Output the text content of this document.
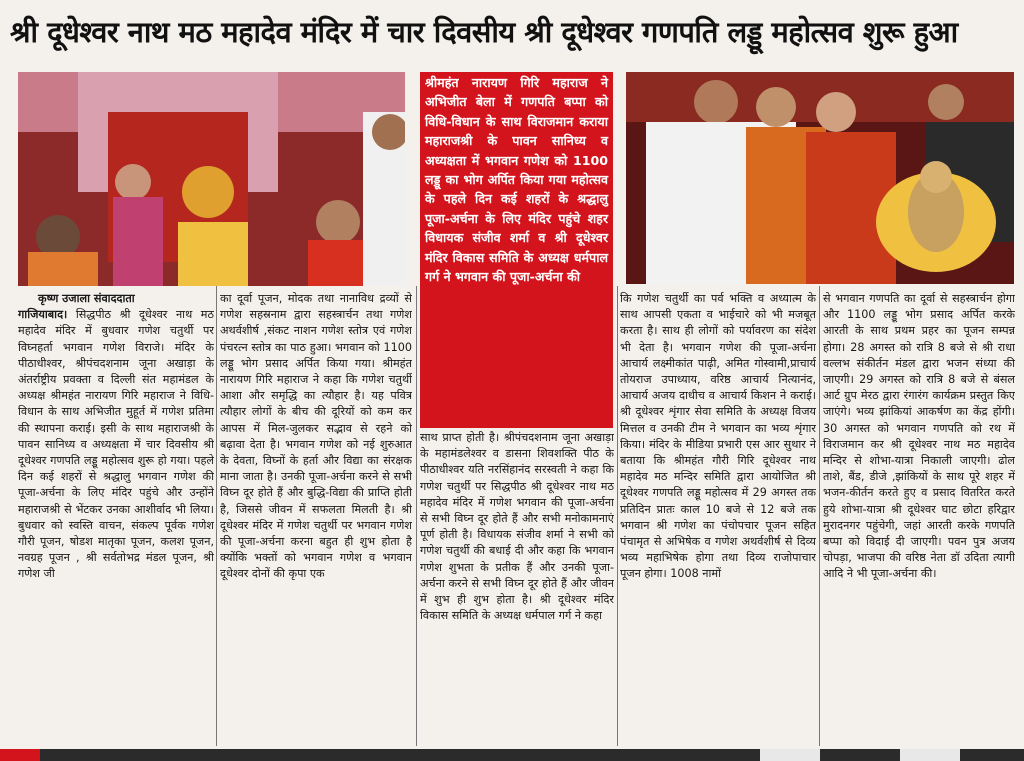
श्री दूधेश्वर नाथ मठ महादेव मंदिर में चार दिवसीय श्री दूधेश्वर गणपति लड्डू महोत्सव शुरू हुआ
श्रीमहंत नारायण गिरि महाराज ने अभिजीत बेला में गणपति बप्पा को विधि-विधान के साथ विराजमान कराया महाराजश्री के पावन सानिध्य व अध्यक्षता में भगवान गणेश को 1100 लड्डू का भोग अर्पित किया गया महोत्सव के पहले दिन कई शहरों के श्रद्धालु पूजा-अर्चना के लिए मंदिर पहुंचे शहर विधायक संजीव शर्मा व श्री दूधेश्वर मंदिर विकास समिति के अध्यक्ष धर्मपाल गर्ग ने भगवान की पूजा-अर्चना की
कृष्ण उजाला संवाददाता
गाजियाबाद। सिद्धपीठ श्री दूधेश्वर नाथ मठ महादेव मंदिर में बुधवार गणेश चतुर्थी पर विघ्नहर्ता भगवान गणेश विराजे। मंदिर के पीठाधीश्वर, श्रीपंचदशनाम जूना अखाड़ा के अंतर्राष्ट्रीय प्रवक्ता व दिल्ली संत महामंडल के अध्यक्ष श्रीमहंत नारायण गिरि महाराज ने विधि-विधान के साथ अभिजीत मुहूर्त में गणेश प्रतिमा की स्थापना कराई। इसी के साथ महाराजश्री के पावन सानिध्य व अध्यक्षता में चार दिवसीय श्री दूधेश्वर गणपति लड्डू महोत्सव शुरू हो गया। पहले दिन कई शहरों से श्रद्धालु भगवान गणेश की पूजा-अर्चना के लिए मंदिर पहुंचे और उन्होंने महाराजश्री से भेंटकर उनका आशीर्वाद भी लिया। बुधवार को स्वस्ति वाचन, संकल्प पूर्वक गणेश गौरी पूजन, षोडश मातृका पूजन, कलश पूजन, नवग्रह पूजन , श्री सर्वतोभद्र मंडल पूजन, श्री गणेश जी
का दूर्वा पूजन, मोदक तथा नानाविध द्रव्यों से गणेश सहस्रनाम द्वारा सहस्त्रार्चन तथा गणेश अथर्वशीर्ष ,संकट नाशन गणेश स्तोत्र एवं गणेश पंचरत्न स्तोत्र का पाठ हुआ। भगवान को 1100 लड्डू भोग प्रसाद अर्पित किया गया। श्रीमहंत नारायण गिरि महाराज ने कहा कि गणेश चतुर्थी आशा और समृद्धि का त्यौहार है। यह पवित्र त्यौहार लोगों के बीच की दूरियों को कम कर आपस में मिल-जुलकर सद्भाव से रहने को बढ़ावा देता है। भगवान गणेश को नई शुरुआत के देवता, विघ्नों के हर्ता और विद्या का संरक्षक माना जाता है। उनकी पूजा-अर्चना करने से सभी विघ्न दूर होते हैं और बुद्धि-विद्या की प्राप्ति होती है, जिससे जीवन में सफलता मिलती है। श्री दूधेश्वर मंदिर में गणेश चतुर्थी पर भगवान गणेश की पूजा-अर्चना करना बहुत ही शुभ होता है क्योंकि भक्तों को भगवान गणेश व भगवान दूधेश्वर दोनों की कृपा एक
साथ प्राप्त होती है। श्रीपंचदशनाम जूना अखाड़ा के महामंडलेश्वर व डासना शिवशक्ति पीठ के पीठाधीश्वर यति नरसिंहानंद सरस्वती ने कहा कि गणेश चतुर्थी पर सिद्धपीठ श्री दूधेश्वर नाथ मठ महादेव मंदिर में गणेश भगवान की पूजा-अर्चना से सभी विघ्न दूर होते हैं और सभी मनोकामनाएं पूर्ण होती है। विधायक संजीव शर्मा ने सभी को गणेश चतुर्थी की बधाई दी और कहा कि भगवान गणेश शुभता के प्रतीक हैं और उनकी पूजा-अर्चना करने से सभी विघ्न दूर होते हैं और जीवन में शुभ ही शुभ होता है। श्री दूधेश्वर मंदिर विकास समिति के अध्यक्ष धर्मपाल गर्ग ने कहा
कि गणेश चतुर्थी का पर्व भक्ति व अध्यात्म के साथ आपसी एकता व भाईचारे को भी मजबूत करता है। साथ ही लोगों को पर्यावरण का संदेश भी देता है। भगवान गणेश की पूजा-अर्चना आचार्य लक्ष्मीकांत पाढ़ी, अमित गोस्वामी,प्राचार्य तोयराज उपाध्याय, वरिष्ठ आचार्य नित्यानंद, आचार्य अजय दाधीच व आचार्य किशन ने कराई। श्री दूधेश्वर शृंगार सेवा समिति के अध्यक्ष विजय मित्तल व उनकी टीम ने भगवान का भव्य शृंगार किया। मंदिर के मीडिया प्रभारी एस आर सुथार ने बताया कि श्रीमहंत गौरी गिरि दूधेश्वर नाथ महादेव मठ मन्दिर समिति द्वारा आयोजित श्री दूधेश्वर गणपति लड्डू महोत्सव में 29 अगस्त तक प्रतिदिन प्रातः काल 10 बजे से 12 बजे तक भगवान श्री गणेश का पंचोपचार पूजन सहित पंचामृत से अभिषेक व गणेश अथर्वशीर्ष से दिव्य भव्य महाभिषेक होगा तथा दिव्य राजोपाचार पूजन होगा। 1008 नामों
से भगवान गणपति का दूर्वा से सहस्त्रार्चन होगा और 1100 लड्डू भोग प्रसाद अर्पित करके आरती के साथ प्रथम प्रहर का पूजन सम्पन्न होगा। 28 अगस्त को रात्रि 8 बजे से श्री राधा वल्लभ संकीर्तन मंडल द्वारा भजन संध्या की जाएगी। 29 अगस्त को रात्रि 8 बजे से बंसल आर्ट ग्रुप मेरठ द्वारा रंगारंग कार्यक्रम प्रस्तुत किए जाएंगे। भव्य झांकियां आकर्षण का केंद्र होंगी। 30 अगस्त को भगवान गणपति को रथ में विराजमान कर श्री दूधेश्वर नाथ मठ महादेव मन्दिर से शोभा-यात्रा निकाली जाएगी। ढोल ताशे, बैंड, डीजे ,झांकियों के साथ पूरे शहर में भजन-कीर्तन करते हुए व प्रसाद वितरित करते हुये शोभा-यात्रा श्री दूधेश्वर घाट छोटा हरिद्वार मुरादनगर पहुंचेगी, जहां आरती करके गणपति बप्पा को विदाई दी जाएगी। पवन पुत्र अजय चोपड़ा, भाजपा की वरिष्ठ नेता डॉ उदिता त्यागी आदि ने भी पूजा-अर्चना की।
